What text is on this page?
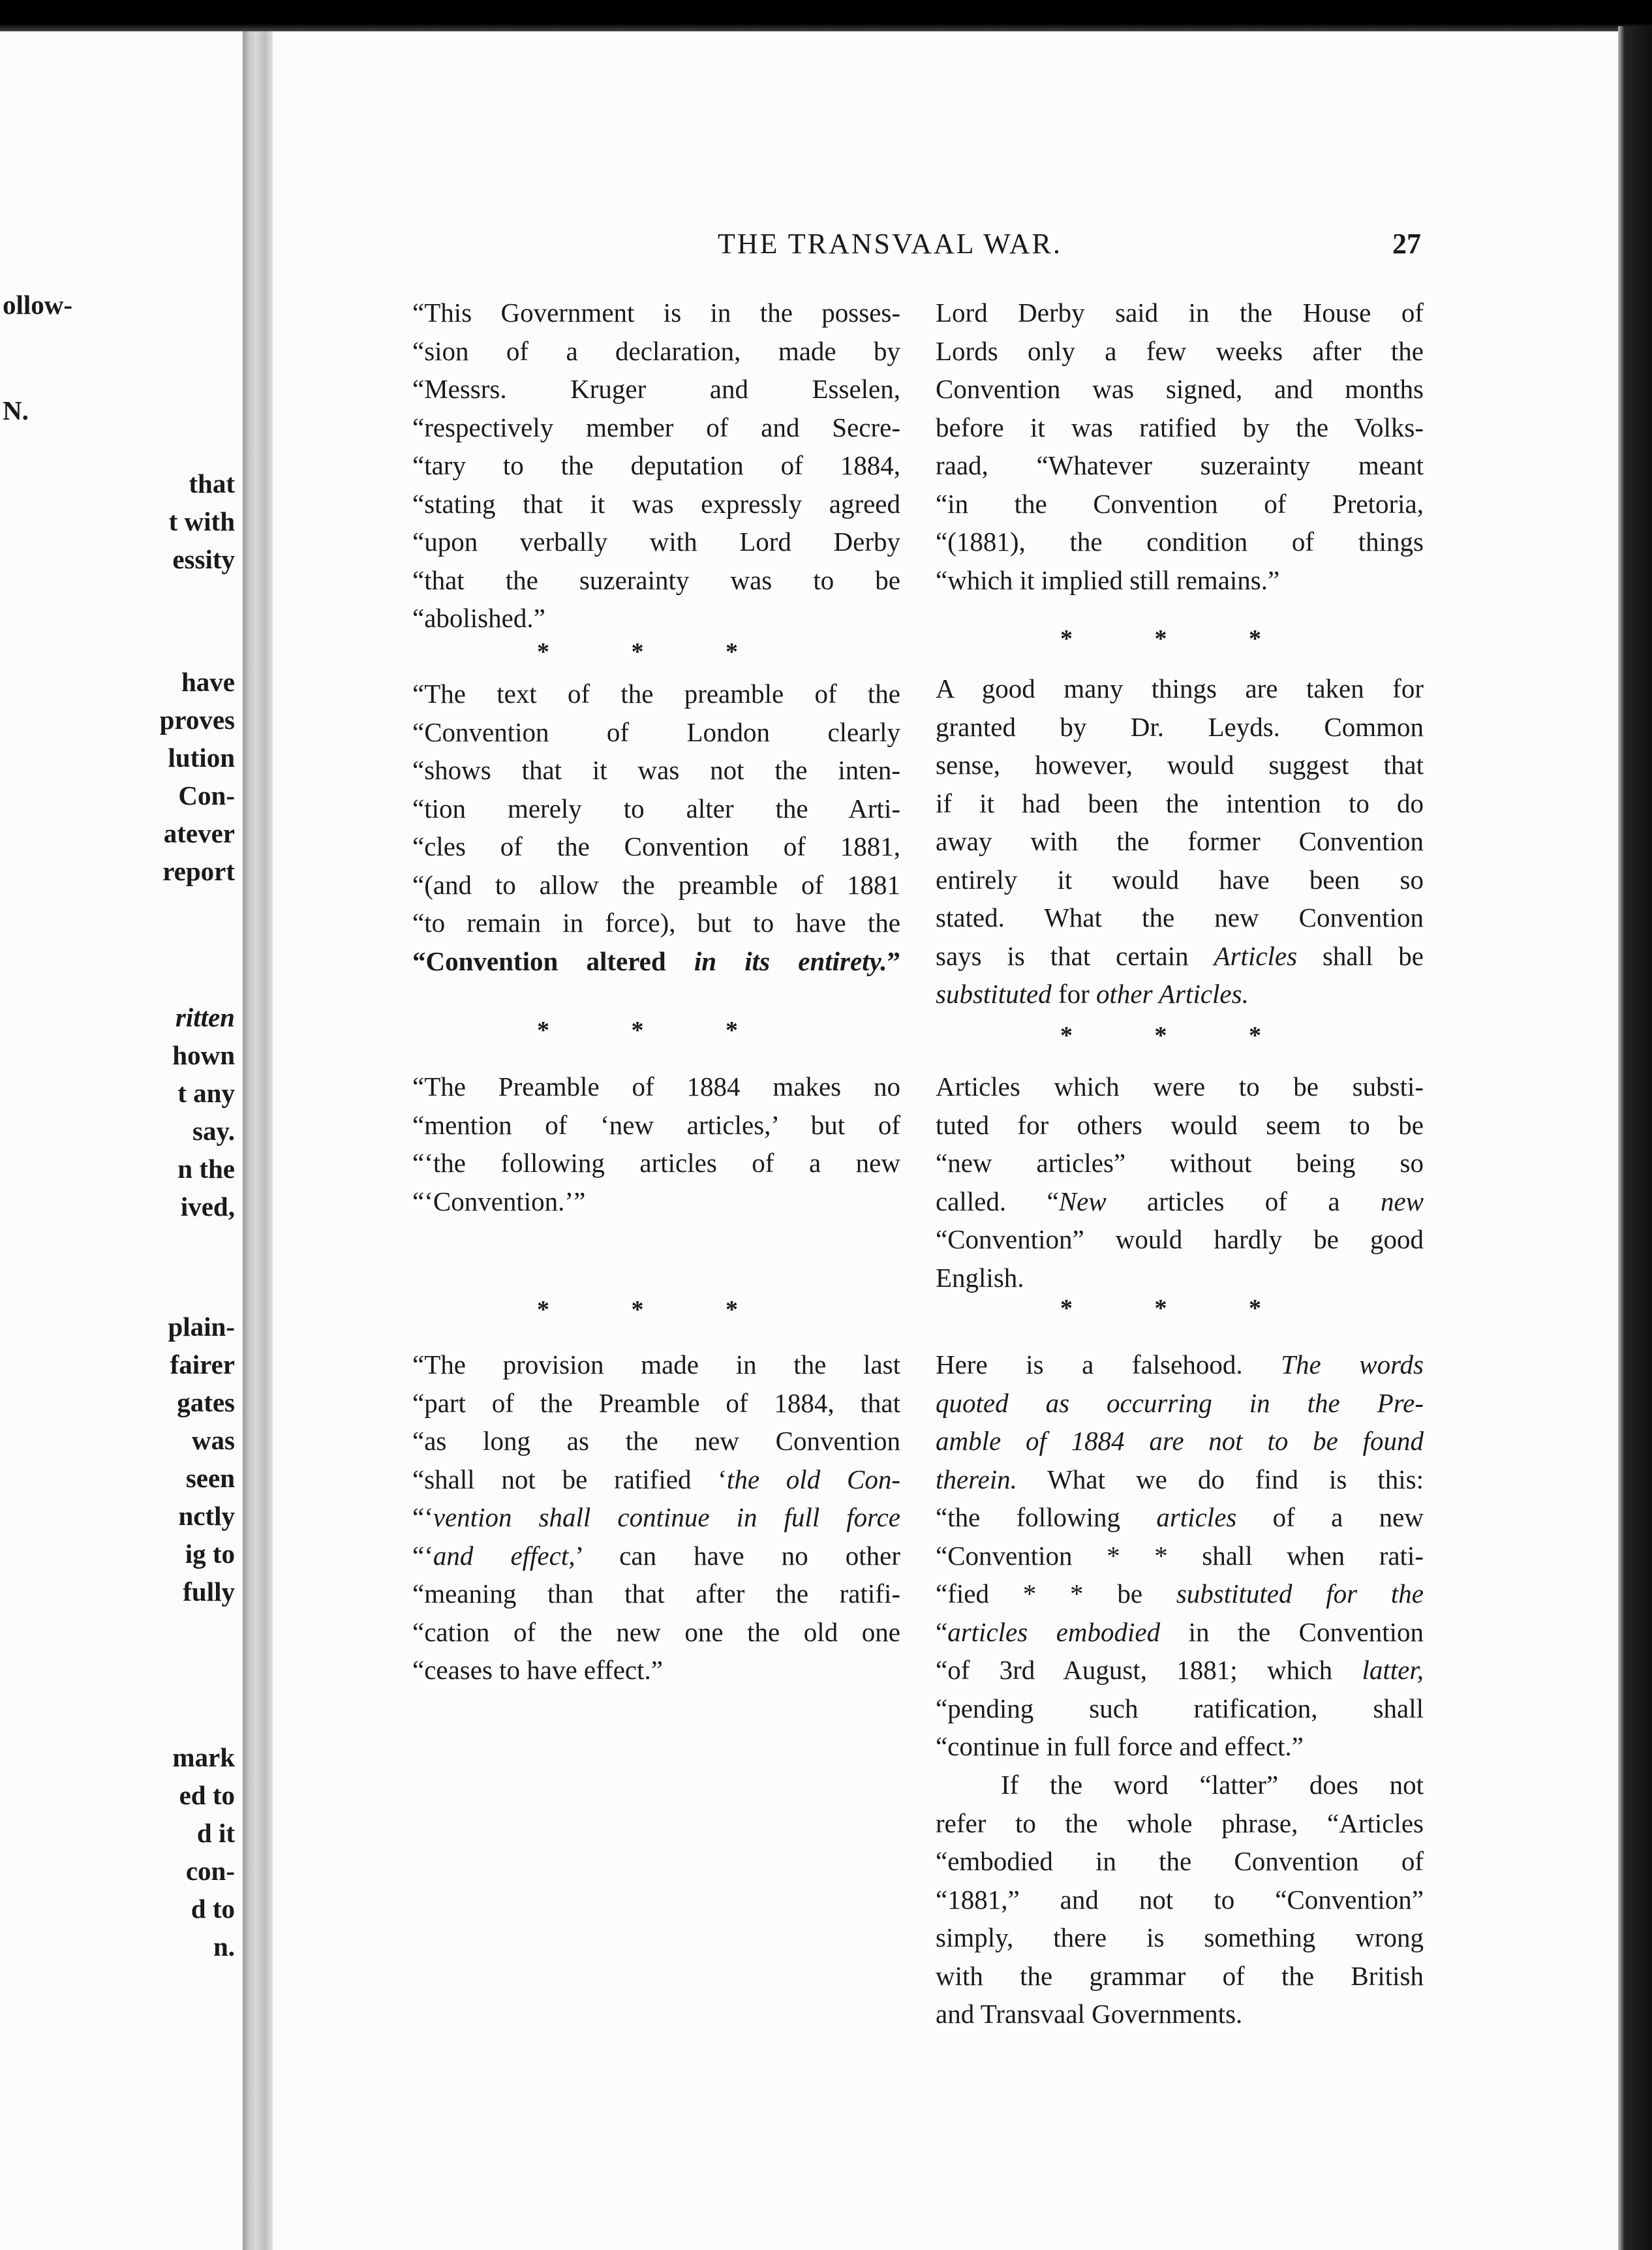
ollow-
N.
that
t with
essity
have
proves
lution
Con-
atever
report
ritten
hown
t any
say.
n the
ived,
plain-
fairer
gates
was
seen
nctly
ig to
fully
mark
ed to
d it
con-
d to
n.
THE TRANSVAAL WAR.	27
“This Government is in the posses-
“sion of a declaration, made by
“Messrs. Kruger and Esselen,
“respectively member of and Secre-
“tary to the deputation of 1884,
“stating that it was expressly agreed
“upon verbally with Lord Derby
“that the suzerainty was to be
“abolished.”
* * *
“The text of the preamble of the
“Convention of London clearly
“shows that it was not the inten-
“tion merely to alter the Arti-
“cles of the Convention of 1881,
“(and to allow the preamble of 1881
“to remain in force), but to have the
“Convention altered in its entirety.”
* * *
“The Preamble of 1884 makes no
“mention of ‘new articles,’ but of
“‘the following articles of a new
“‘Convention.’”
* * *
“The provision made in the last
“part of the Preamble of 1884, that
“as long as the new Convention
“shall not be ratified ‘the old Con-
“‘vention shall continue in full force
“‘and effect,’ can have no other
“meaning than that after the ratifi-
“cation of the new one the old one
“ceases to have effect.”
Lord Derby said in the House of
Lords only a few weeks after the
Convention was signed, and months
before it was ratified by the Volks-
raad, “Whatever suzerainty meant
“in the Convention of Pretoria,
“(1881), the condition of things
“which it implied still remains.”
* * *
A good many things are taken for
granted by Dr. Leyds. Common
sense, however, would suggest that
if it had been the intention to do
away with the former Convention
entirely it would have been so
stated. What the new Convention
says is that certain Articles shall be
substituted for other Articles.
* * *
Articles which were to be substi-
tuted for others would seem to be
“new articles” without being so
called. “New articles of a new
“Convention” would hardly be good
English.
* * *
Here is a falsehood. The words
quoted as occurring in the Pre-
amble of 1884 are not to be found
therein. What we do find is this:
“the following articles of a new
“Convention * * shall when rati-
“fied * * be substituted for the
“articles embodied in the Convention
“of 3rd August, 1881; which latter,
“pending such ratification, shall
“continue in full force and effect.”
If the word “latter” does not
refer to the whole phrase, “Articles
“embodied in the Convention of
“1881,” and not to “Convention”
simply, there is something wrong
with the grammar of the British
and Transvaal Governments.
